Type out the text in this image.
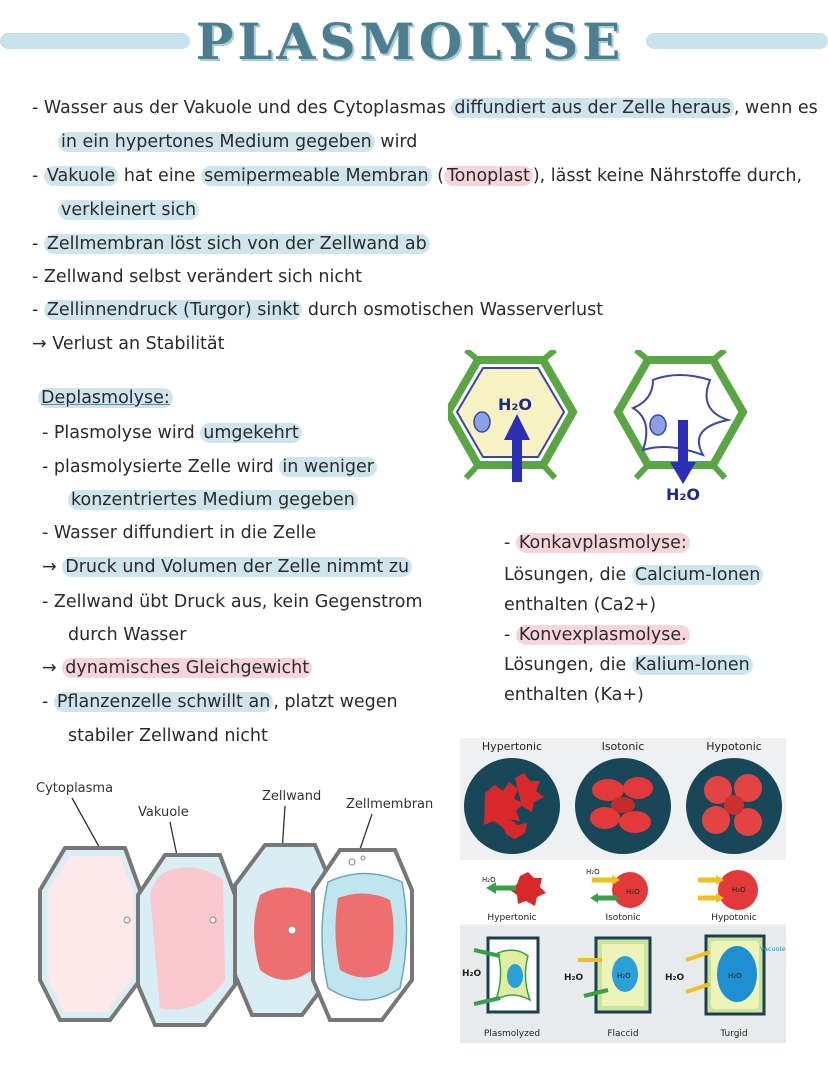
PLASMOLYSE
- Wasser aus der Vakuole und des Cytoplasmas diffundiert aus der Zelle heraus , wenn es
in ein hypertones Medium gegeben wird
- Vakuole hat eine semipermeable Membran ( Tonoplast ), lässt keine Nährstoffe durch,
verkleinert sich
- Zellmembran löst sich von der Zellwand ab
- Zellwand selbst verändert sich nicht
- Zellinnendruck (Turgor) sinkt durch osmotischen Wasserverlust
→ Verlust an Stabilität
Deplasmolyse:
- Plasmolyse wird umgekehrt
- plasmolysierte Zelle wird in weniger
konzentriertes Medium gegeben
- Wasser diffundiert in die Zelle
→ Druck und Volumen der Zelle nimmt zu
- Zellwand übt Druck aus, kein Gegenstrom
durch Wasser
→ dynamisches Gleichgewicht
- Pflanzenzelle schwillt an , platzt wegen
stabiler Zellwand nicht
- Konkavplasmolyse:
Lösungen, die Calcium-Ionen
enthalten (Ca2+)
- Konvexplasmolyse.
Lösungen, die Kalium-Ionen
enthalten (Ka+)
H₂O
H₂O
Cytoplasma
Vakuole
Zellwand
Zellmembran
Hypertonic	Isotonic	Hypotonic
H₂O
H₂O
H₂O	H₂O
Hypertonic	Isotonic	Hypotonic
H₂O	H₂O
H₂O	H₂O
H₂O
Vacuole
Plasmolyzed	Flaccid	Turgid
